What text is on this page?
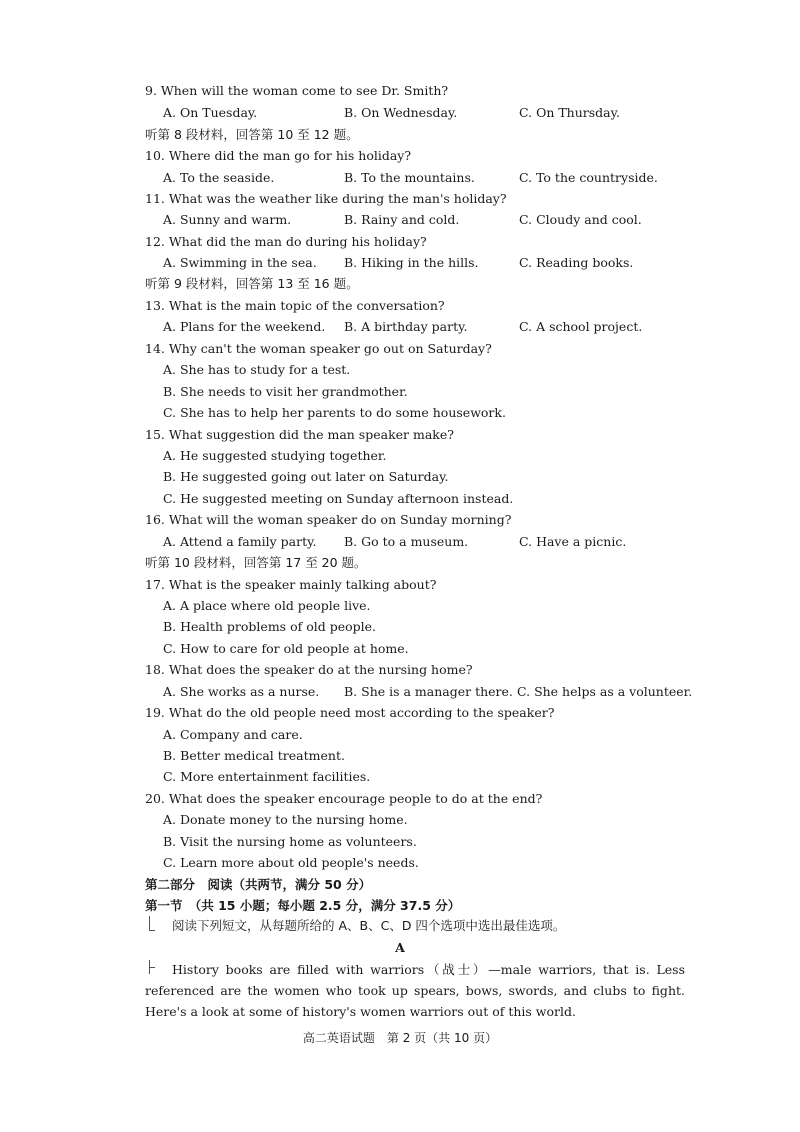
9. When will the woman come to see Dr. Smith?
A. On Tuesday.	B. On Wednesday.	C. On Thursday.
听第 8 段材料，回答第 10 至 12 题。
10. Where did the man go for his holiday?
A. To the seaside.	B. To the mountains.	C. To the countryside.
11. What was the weather like during the man's holiday?
A. Sunny and warm.	B. Rainy and cold.	C. Cloudy and cool.
12. What did the man do during his holiday?
A. Swimming in the sea. B. Hiking in the hills.	C. Reading books.
听第 9 段材料，回答第 13 至 16 题。
13. What is the main topic of the conversation?
A. Plans for the weekend. B. A birthday party.	C. A school project.
14. Why can't the woman speaker go out on Saturday?
A. She has to study for a test.
B. She needs to visit her grandmother.
C. She has to help her parents to do some housework.
15. What suggestion did the man speaker make?
A. He suggested studying together.
B. He suggested going out later on Saturday.
C. He suggested meeting on Sunday afternoon instead.
16. What will the woman speaker do on Sunday morning?
A. Attend a family party. B. Go to a museum.	C. Have a picnic.
听第 10 段材料，回答第 17 至 20 题。
17. What is the speaker mainly talking about?
A. A place where old people live.
B. Health problems of old people.
C. How to care for old people at home.
18. What does the speaker do at the nursing home?
A. She works as a nurse. B. She is a manager there. C. She helps as a volunteer.
19. What do the old people need most according to the speaker?
A. Company and care.
B. Better medical treatment.
C. More entertainment facilities.
20. What does the speaker encourage people to do at the end?
A. Donate money to the nursing home.
B. Visit the nursing home as volunteers.
C. Learn more about old people's needs.
第二部分　阅读（共两节，满分 50 分）
第一节　（共 15 小题；每小题 2.5 分，满分 37.5 分）
阅读下列短文，从每题所给的 A、B、C、D 四个选项中选出最佳选项。
A
History books are filled with warriors（战士）—male warriors, that is. Less referenced are the women who took up spears, bows, swords, and clubs to fight. Here's a look at some of history's women warriors out of this world.
高二英语试题　第 2 页（共 10 页）
